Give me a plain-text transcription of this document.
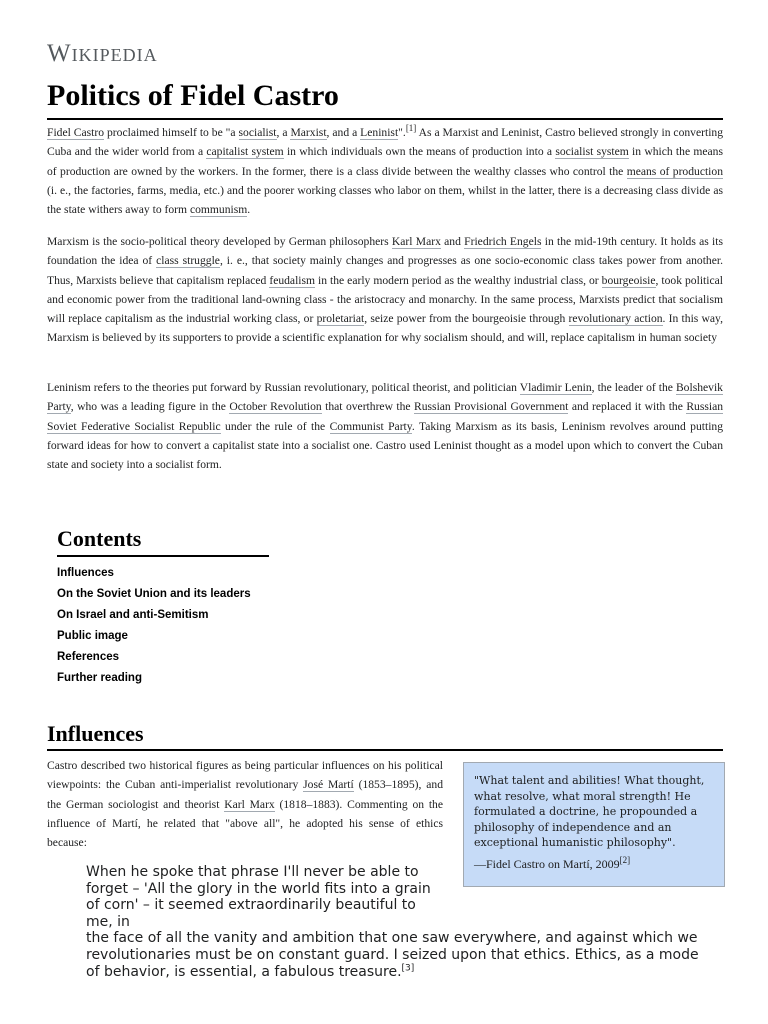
Wikipedia
Politics of Fidel Castro
Fidel Castro proclaimed himself to be "a socialist, a Marxist, and a Leninist".[1] As a Marxist and Leninist, Castro believed strongly in converting Cuba and the wider world from a capitalist system in which individuals own the means of production into a socialist system in which the means of production are owned by the workers. In the former, there is a class divide between the wealthy classes who control the means of production (i. e., the factories, farms, media, etc.) and the poorer working classes who labor on them, whilst in the latter, there is a decreasing class divide as the state withers away to form communism.
Marxism is the socio-political theory developed by German philosophers Karl Marx and Friedrich Engels in the mid-19th century. It holds as its foundation the idea of class struggle, i. e., that society mainly changes and progresses as one socio-economic class takes power from another. Thus, Marxists believe that capitalism replaced feudalism in the early modern period as the wealthy industrial class, or bourgeoisie, took political and economic power from the traditional land-owning class - the aristocracy and monarchy. In the same process, Marxists predict that socialism will replace capitalism as the industrial working class, or proletariat, seize power from the bourgeoisie through revolutionary action. In this way, Marxism is believed by its supporters to provide a scientific explanation for why socialism should, and will, replace capitalism in human society
Leninism refers to the theories put forward by Russian revolutionary, political theorist, and politician Vladimir Lenin, the leader of the Bolshevik Party, who was a leading figure in the October Revolution that overthrew the Russian Provisional Government and replaced it with the Russian Soviet Federative Socialist Republic under the rule of the Communist Party. Taking Marxism as its basis, Leninism revolves around putting forward ideas for how to convert a capitalist state into a socialist one. Castro used Leninist thought as a model upon which to convert the Cuban state and society into a socialist form.
Contents
Influences
On the Soviet Union and its leaders
On Israel and anti-Semitism
Public image
References
Further reading
Influences
Castro described two historical figures as being particular influences on his political viewpoints: the Cuban anti-imperialist revolutionary José Martí (1853–1895), and the German sociologist and theorist Karl Marx (1818–1883). Commenting on the influence of Martí, he related that "above all", he adopted his sense of ethics because:
"What talent and abilities! What thought, what resolve, what moral strength! He formulated a doctrine, he propounded a philosophy of independence and an exceptional humanistic philosophy".
—Fidel Castro on Martí, 2009[2]
When he spoke that phrase I'll never be able to forget – 'All the glory in the world fits into a grain of corn' – it seemed extraordinarily beautiful to me, in
the face of all the vanity and ambition that one saw everywhere, and against which we revolutionaries must be on constant guard. I seized upon that ethics. Ethics, as a mode of behavior, is essential, a fabulous treasure.[3]
